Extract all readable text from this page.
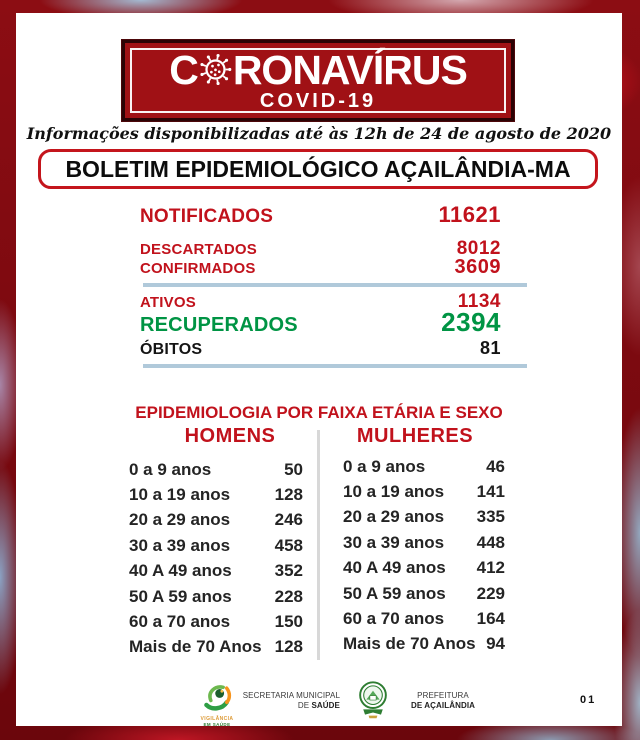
C RONAVÍRUS
COVID-19
Informações disponibilizadas até às 12h de 24 de agosto de 2020
BOLETIM EPIDEMIOLÓGICO AÇAILÂNDIA-MA
NOTIFICADOS	11621
DESCARTADOS	8012
CONFIRMADOS	3609
ATIVOS	1134
RECUPERADOS	2394
ÓBITOS	81
EPIDEMIOLOGIA POR FAIXA ETÁRIA E SEXO
HOMENS	MULHERES
0 a 9 anos	50
10 a 19 anos	128
20 a 29 anos	246
30 a 39 anos	458
40 A 49 anos	352
50 A 59 anos	228
60 a 70 anos	150
Mais de 70 Anos 128
0 a 9 anos	46
10 a 19 anos 141
20 a 29 anos 335
30 a 39 anos 448
40 A 49 anos 412
50 A 59 anos 229
60 a 70 anos 164
Mais de 70 Anos 94
VIGILÂNCIA
EM SAÚDE
SECRETARIA MUNICIPAL
DE SAÚDE
PREFEITURA
DE AÇAILÂNDIA	01
